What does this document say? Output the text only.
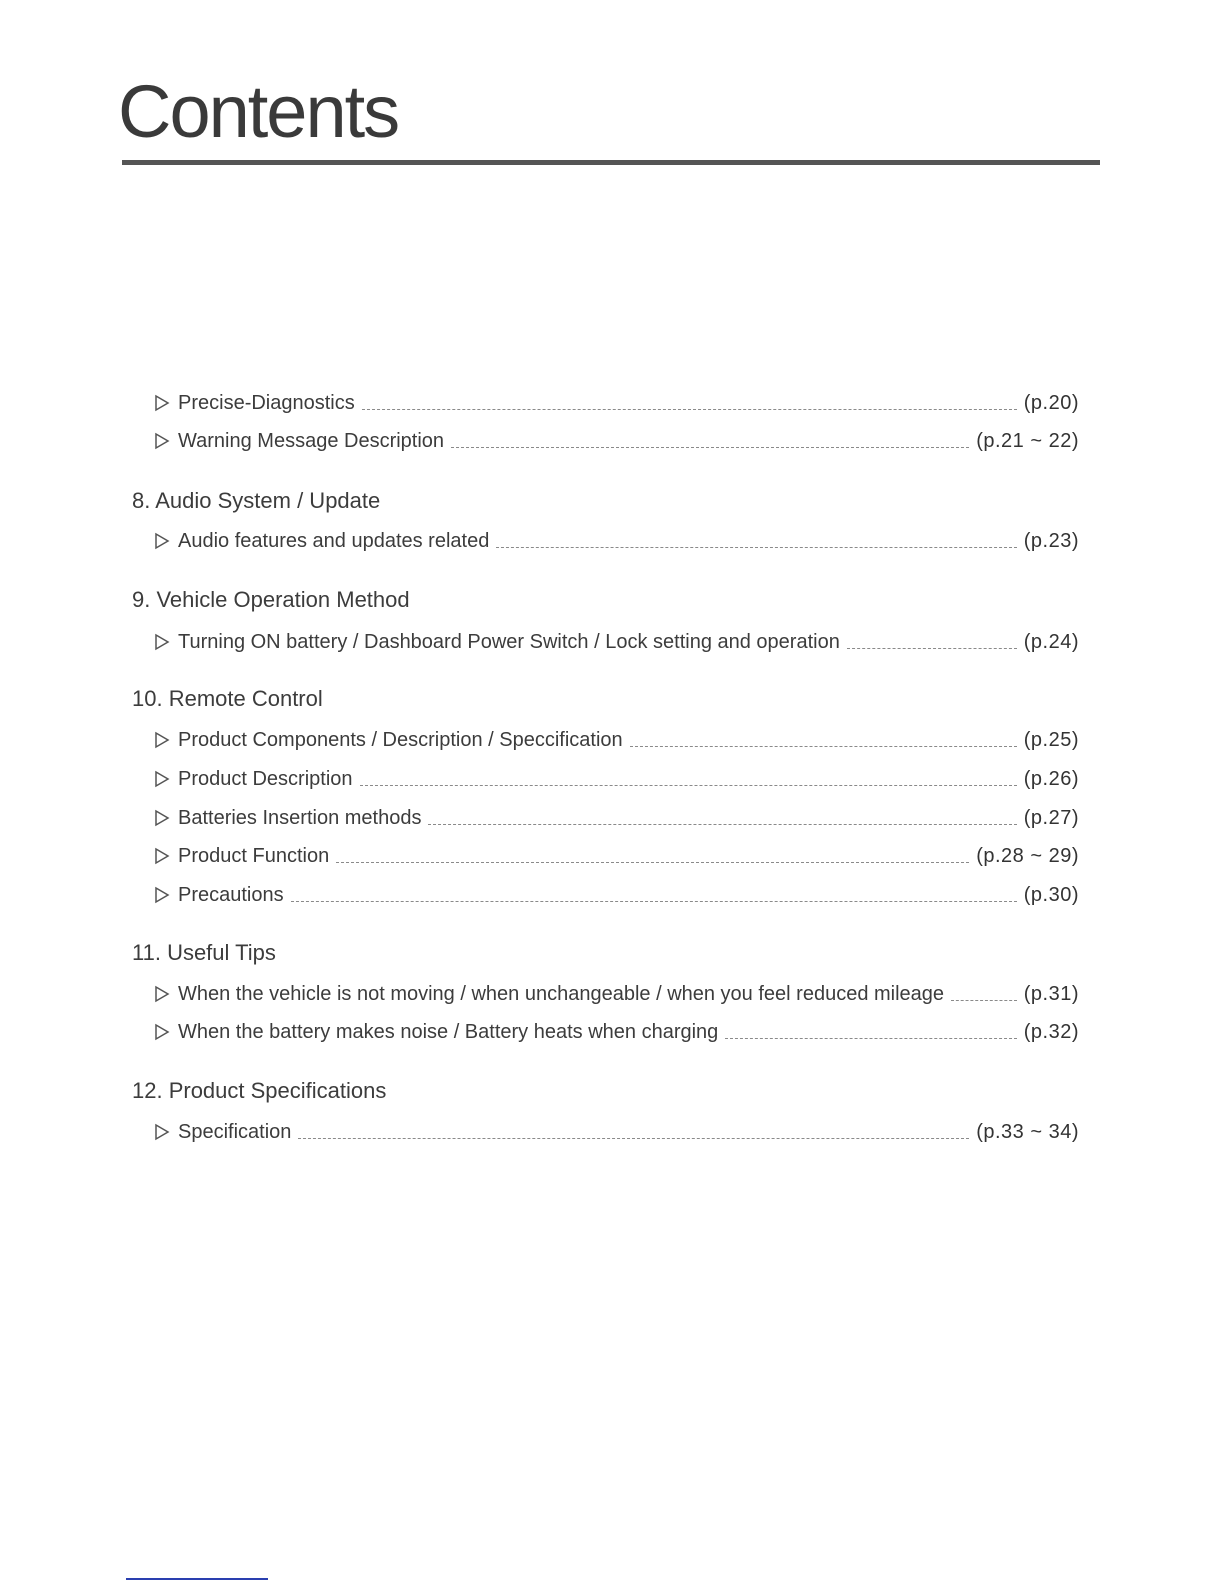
Contents
Precise-Diagnostics	(p.20)
Warning Message Description	(p.21 ~ 22)
8. Audio System / Update
Audio features and updates related	(p.23)
9. Vehicle Operation Method
Turning ON battery / Dashboard Power Switch / Lock setting and operation	(p.24)
10. Remote Control
Product Components / Description / Speccification	(p.25)
Product Description	(p.26)
Batteries Insertion methods	(p.27)
Product Function	(p.28 ~ 29)
Precautions	(p.30)
11. Useful Tips
When the vehicle is not moving / when unchangeable / when you feel reduced mileage	(p.31)
When the battery makes noise / Battery heats when charging	(p.32)
12. Product Specifications
Specification	(p.33 ~ 34)
